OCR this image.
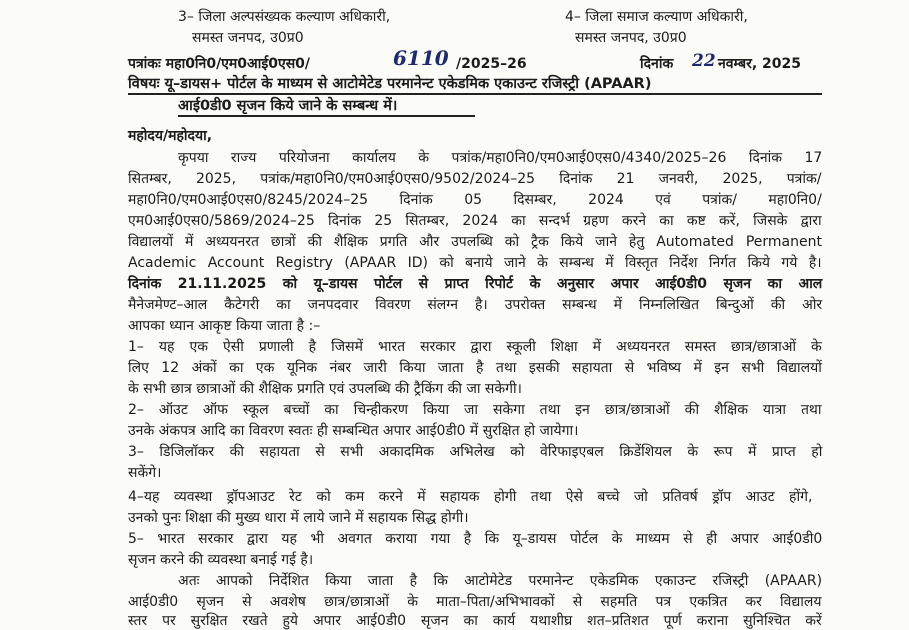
3– जिला अल्पसंख्यक कल्याण अधिकारी,	4– जिला समाज कल्याण अधिकारी,
समस्त जनपद, उ0प्र0	समस्त जनपद, उ0प्र0
पत्रांकः महा0नि0/एम0आई0एस0/	6110 /2025–26	दिनांक 22 नवम्बर, 2025
विषयः यू–डायस+ पोर्टल के माध्यम से आटोमेटेड परमानेन्ट एकेडमिक एकाउन्ट रजिस्ट्री (APAAR)
आई0डी0 सृजन किये जाने के सम्बन्ध में।
महोदय/महोदया,
कृपया राज्य परियोजना कार्यालय के पत्रांक/महा0नि0/एम0आई0एस0/4340/2025–26 दिनांक 17
सितम्बर, 2025, पत्रांक/महा0नि0/एम0आई0एस0/9502/2024–25 दिनांक 21 जनवरी, 2025, पत्रांक/
महा0नि0/एम0आई0एस0/8245/2024–25 दिनांक 05 दिसम्बर, 2024 एवं पत्रांक/ महा0नि0/
एम0आई0एस0/5869/2024–25 दिनांक 25 सितम्बर, 2024 का सन्दर्भ ग्रहण करने का कष्ट करें, जिसके द्वारा
विद्यालयों में अध्ययनरत छात्रों की शैक्षिक प्रगति और उपलब्धि को ट्रैक किये जाने हेतु Automated Permanent
Academic Account Registry (APAAR ID) को बनाये जाने के सम्बन्ध में विस्तृत निर्देश निर्गत किये गये है।
दिनांक 21.11.2025 को यू–डायस पोर्टल से प्राप्त रिपोर्ट के अनुसार अपार आई0डी0 सृजन का आल
मैनेजमेण्ट–आल कैटेगरी का जनपदवार विवरण संलग्न है। उपरोक्त सम्बन्ध में निम्नलिखित बिन्दुओं की ओर
आपका ध्यान आकृष्ट किया जाता है :–
1– यह एक ऐसी प्रणाली है जिसमें भारत सरकार द्वारा स्कूली शिक्षा में अध्ययनरत समस्त छात्र/छात्राओं के
लिए 12 अंकों का एक यूनिक नंबर जारी किया जाता है तथा इसकी सहायता से भविष्य में इन सभी विद्यालयों
के सभी छात्र छात्राओं की शैक्षिक प्रगति एवं उपलब्धि की ट्रैकिंग की जा सकेगी।
2– ऑउट ऑफ स्कूल बच्चों का चिन्हीकरण किया जा सकेगा तथा इन छात्र/छात्राओं की शैक्षिक यात्रा तथा
उनके अंकपत्र आदि का विवरण स्वतः ही सम्बन्धित अपार आई0डी0 में सुरक्षित हो जायेगा।
3– डिजिलॉकर की सहायता से सभी अकादमिक अभिलेख को वेरिफाइएबल क्रिडेंशियल के रूप में प्राप्त हो
सकेंगे।
4–यह व्यवस्था ड्रॉपआउट रेट को कम करने में सहायक होगी तथा ऐसे बच्चे जो प्रतिवर्ष ड्रॉप आउट होंगे,
उनको पुनः शिक्षा की मुख्य धारा में लाये जाने में सहायक सिद्ध होगी।
5– भारत सरकार द्वारा यह भी अवगत कराया गया है कि यू–डायस पोर्टल के माध्यम से ही अपार आई0डी0
सृजन करने की व्यवस्था बनाई गई है।
अतः आपको निर्देशित किया जाता है कि आटोमेटेड परमानेन्ट एकेडमिक एकाउन्ट रजिस्ट्री (APAAR)
आई0डी0 सृजन से अवशेष छात्र/छात्राओं के माता–पिता/अभिभावकों से सहमति पत्र एकत्रित कर विद्यालय
स्तर पर सुरक्षित रखते हुये अपार आई0डी0 सृजन का कार्य यथाशीघ्र शत–प्रतिशत पूर्ण कराना सुनिश्चित करें
